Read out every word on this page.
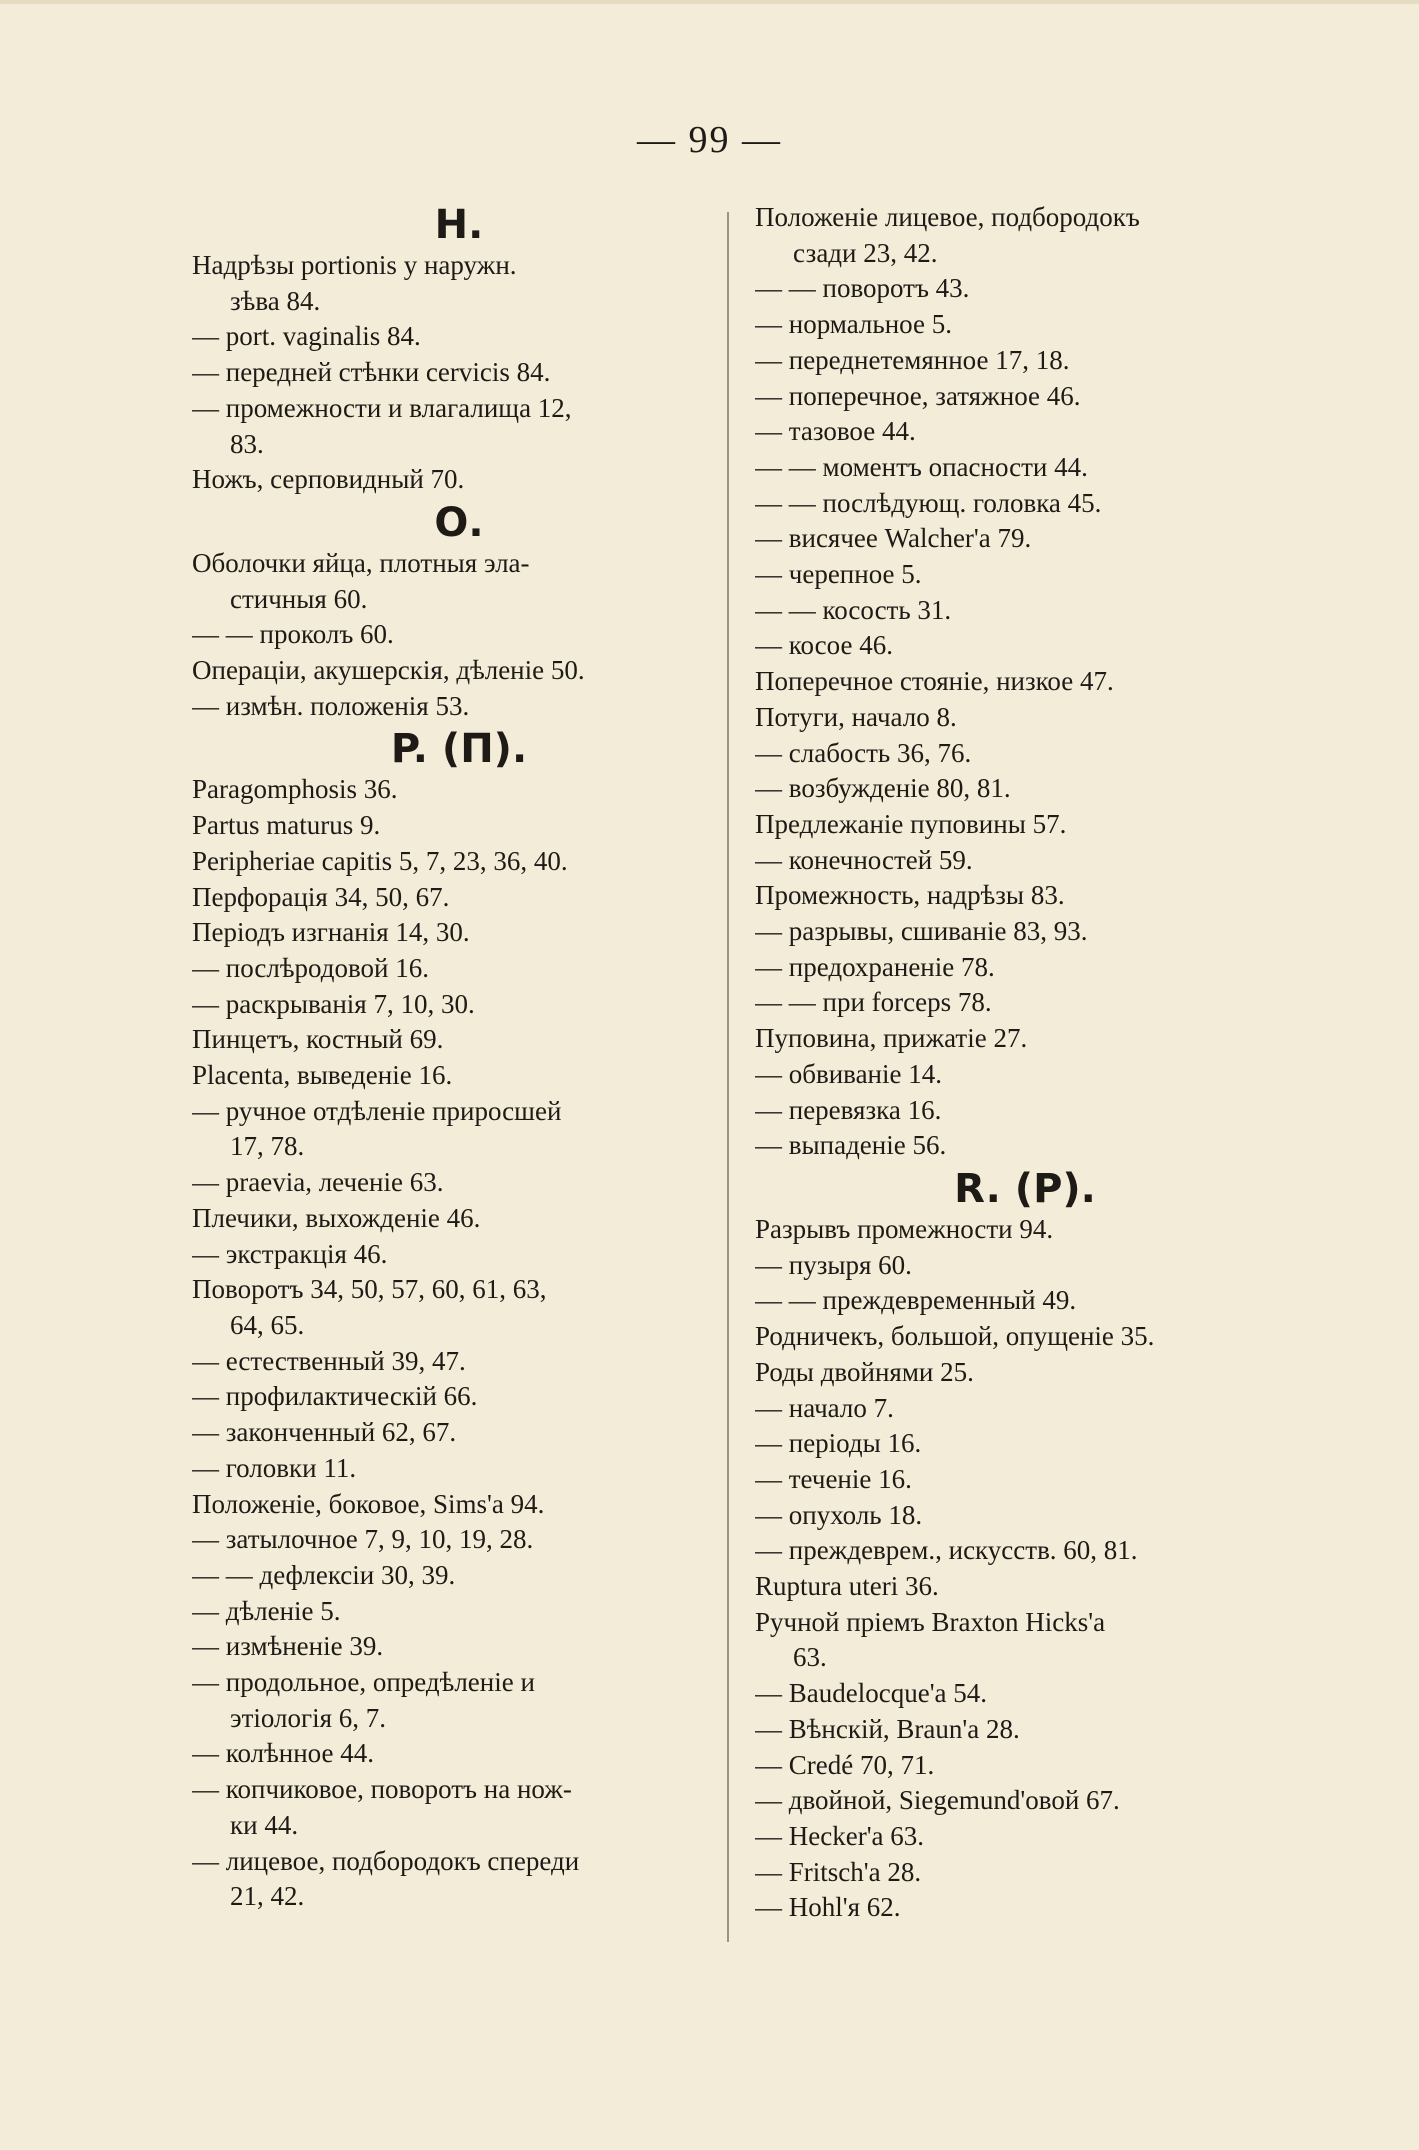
— 99 —
Н.
Надрѣзы portionis у наружн.
зѣва 84.
— port. vaginalis 84.
— передней стѣнки cervicis 84.
— промежности и влагалища 12,
83.
Ножъ, серповидный 70.
О.
Оболочки яйца, плотныя эла-
стичныя 60.
— — проколъ 60.
Операціи, акушерскія, дѣленіе 50.
— измѣн. положенія 53.
P. (П).
Paragomphosis 36.
Partus maturus 9.
Peripheriae capitis 5, 7, 23, 36, 40.
Перфорація 34, 50, 67.
Періодъ изгнанія 14, 30.
— послѣродовой 16.
— раскрыванія 7, 10, 30.
Пинцетъ, костный 69.
Placenta, выведеніе 16.
— ручное отдѣленіе приросшей
17, 78.
— praevia, леченіе 63.
Плечики, выхожденіе 46.
— экстракція 46.
Поворотъ 34, 50, 57, 60, 61, 63,
64, 65.
— естественный 39, 47.
— профилактическій 66.
— законченный 62, 67.
— головки 11.
Положеніе, боковое, Sims'a 94.
— затылочное 7, 9, 10, 19, 28.
— — дефлексіи 30, 39.
— дѣленіе 5.
— измѣненіе 39.
— продольное, опредѣленіе и
этіологія 6, 7.
— колѣнное 44.
— копчиковое, поворотъ на нож-
ки 44.
— лицевое, подбородокъ спереди
21, 42.
Положеніе лицевое, подбородокъ
сзади 23, 42.
— — поворотъ 43.
— нормальное 5.
— переднетемянное 17, 18.
— поперечное, затяжное 46.
— тазовое 44.
— — моментъ опасности 44.
— — послѣдующ. головка 45.
— висячее Walcher'a 79.
— черепное 5.
— — косость 31.
— косое 46.
Поперечное стояніе, низкое 47.
Потуги, начало 8.
— слабость 36, 76.
— возбужденіе 80, 81.
Предлежаніе пуповины 57.
— конечностей 59.
Промежность, надрѣзы 83.
— разрывы, сшиваніе 83, 93.
— предохраненіе 78.
— — при forceps 78.
Пуповина, прижатіе 27.
— обвиваніе 14.
— перевязка 16.
— выпаденіе 56.
R. (P).
Разрывъ промежности 94.
— пузыря 60.
— — преждевременный 49.
Родничекъ, большой, опущеніе 35.
Роды двойнями 25.
— начало 7.
— періоды 16.
— теченіе 16.
— опухоль 18.
— преждеврем., искусств. 60, 81.
Ruptura uteri 36.
Ручной пріемъ Braxton Hicks'a
63.
— Baudelocque'a 54.
— Вѣнскій, Braun'a 28.
— Credé 70, 71.
— двойной, Siegemund'овой 67.
— Hecker'a 63.
— Fritsch'a 28.
— Hohl'я 62.
